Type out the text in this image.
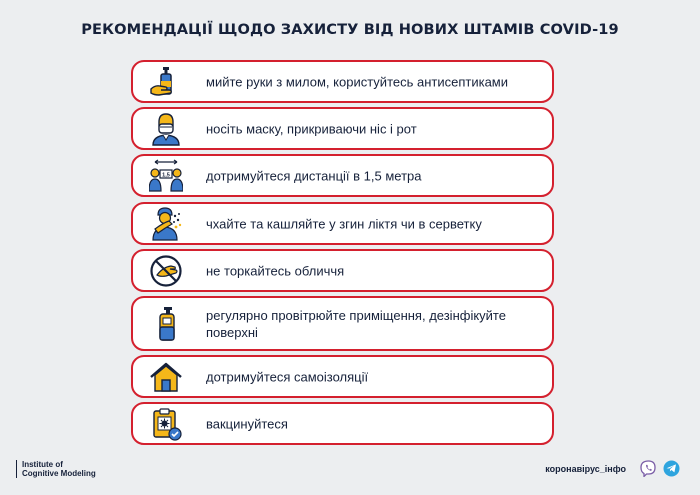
РЕКОМЕНДАЦІЇ ЩОДО ЗАХИСТУ ВІД НОВИХ ШТАМІВ COVID-19
мийте руки з милом, користуйтесь антисептиками
носіть маску, прикриваючи ніс і рот
1,5	дотримуйтеся дистанції в 1,5 метра
чхайте та кашляйте у згин ліктя чи в серветку
не торкайтесь обличчя
регулярно провітрюйте приміщення, дезінфікуйте поверхні
дотримуйтеся самоізоляції
вакцинуйтеся
Institute of
Cognitive Modeling	коронавірус_інфо
